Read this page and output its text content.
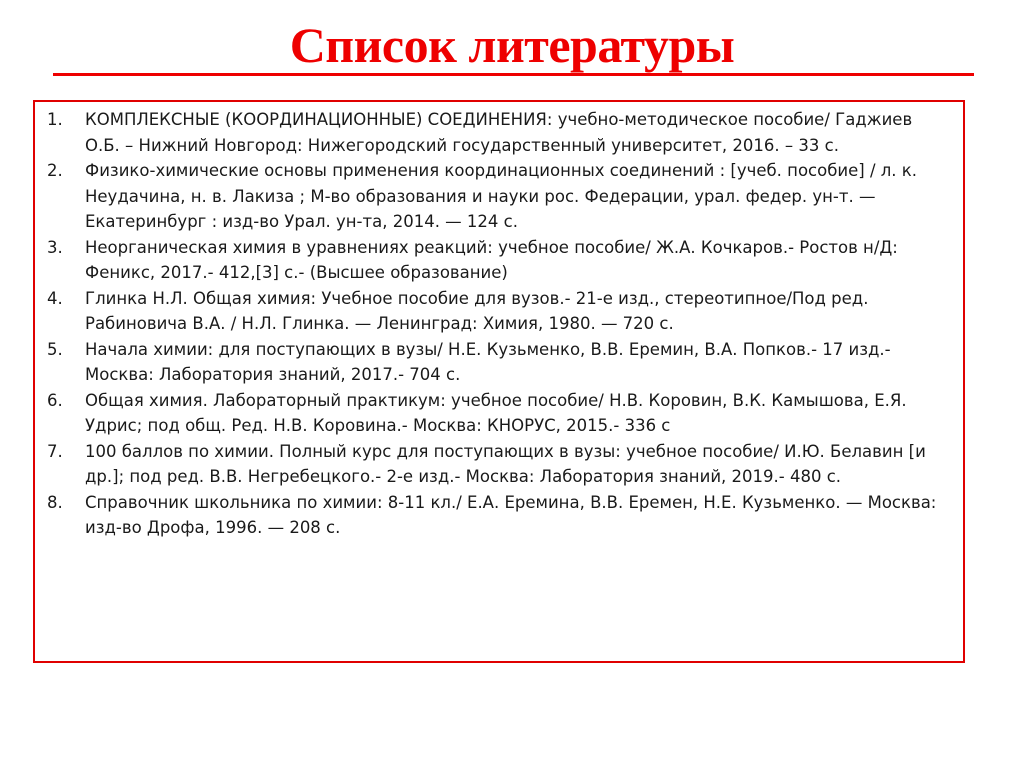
Список литературы
1.	КОМПЛЕКСНЫЕ (КООРДИНАЦИОННЫЕ) СОЕДИНЕНИЯ: учебно-методическое пособие/ Гаджиев О.Б. – Нижний Новгород: Нижегородский государственный университет, 2016. – 33 с.
2.	Физико-химические основы применения координационных соединений : [учеб. пособие] / л. к. Неудачина, н. в. Лакиза ; М-во образования и науки рос. Федерации, урал. федер. ун-т. — Екатеринбург : изд-во Урал. ун-та, 2014. — 124 с.
3.	Неорганическая химия в уравнениях реакций: учебное пособие/ Ж.А. Кочкаров.- Ростов н/Д: Феникс, 2017.- 412,[3] с.- (Высшее образование)
4.	Глинка Н.Л. Общая химия: Учебное пособие для вузов.- 21-е изд., стереотипное/Под ред. Рабиновича В.А. / Н.Л. Глинка. — Ленинград: Химия, 1980. — 720 с.
5.	Начала химии: для поступающих в вузы/ Н.Е. Кузьменко, В.В. Еремин, В.А. Попков.- 17 изд.- Москва: Лаборатория знаний, 2017.- 704 с.
6.	Общая химия. Лабораторный практикум: учебное пособие/ Н.В. Коровин, В.К. Камышова, Е.Я. Удрис; под общ. Ред. Н.В. Коровина.- Москва: КНОРУС, 2015.- 336 с
7.	100 баллов по химии. Полный курс для поступающих в вузы: учебное пособие/ И.Ю. Белавин [и др.]; под ред. В.В. Негребецкого.- 2-е изд.- Москва: Лаборатория знаний, 2019.- 480 с.
8.	Справочник школьника по химии: 8-11 кл./ Е.А. Еремина, В.В. Еремен, Н.Е. Кузьменко. — Москва: изд-во Дрофа, 1996. — 208 с.
